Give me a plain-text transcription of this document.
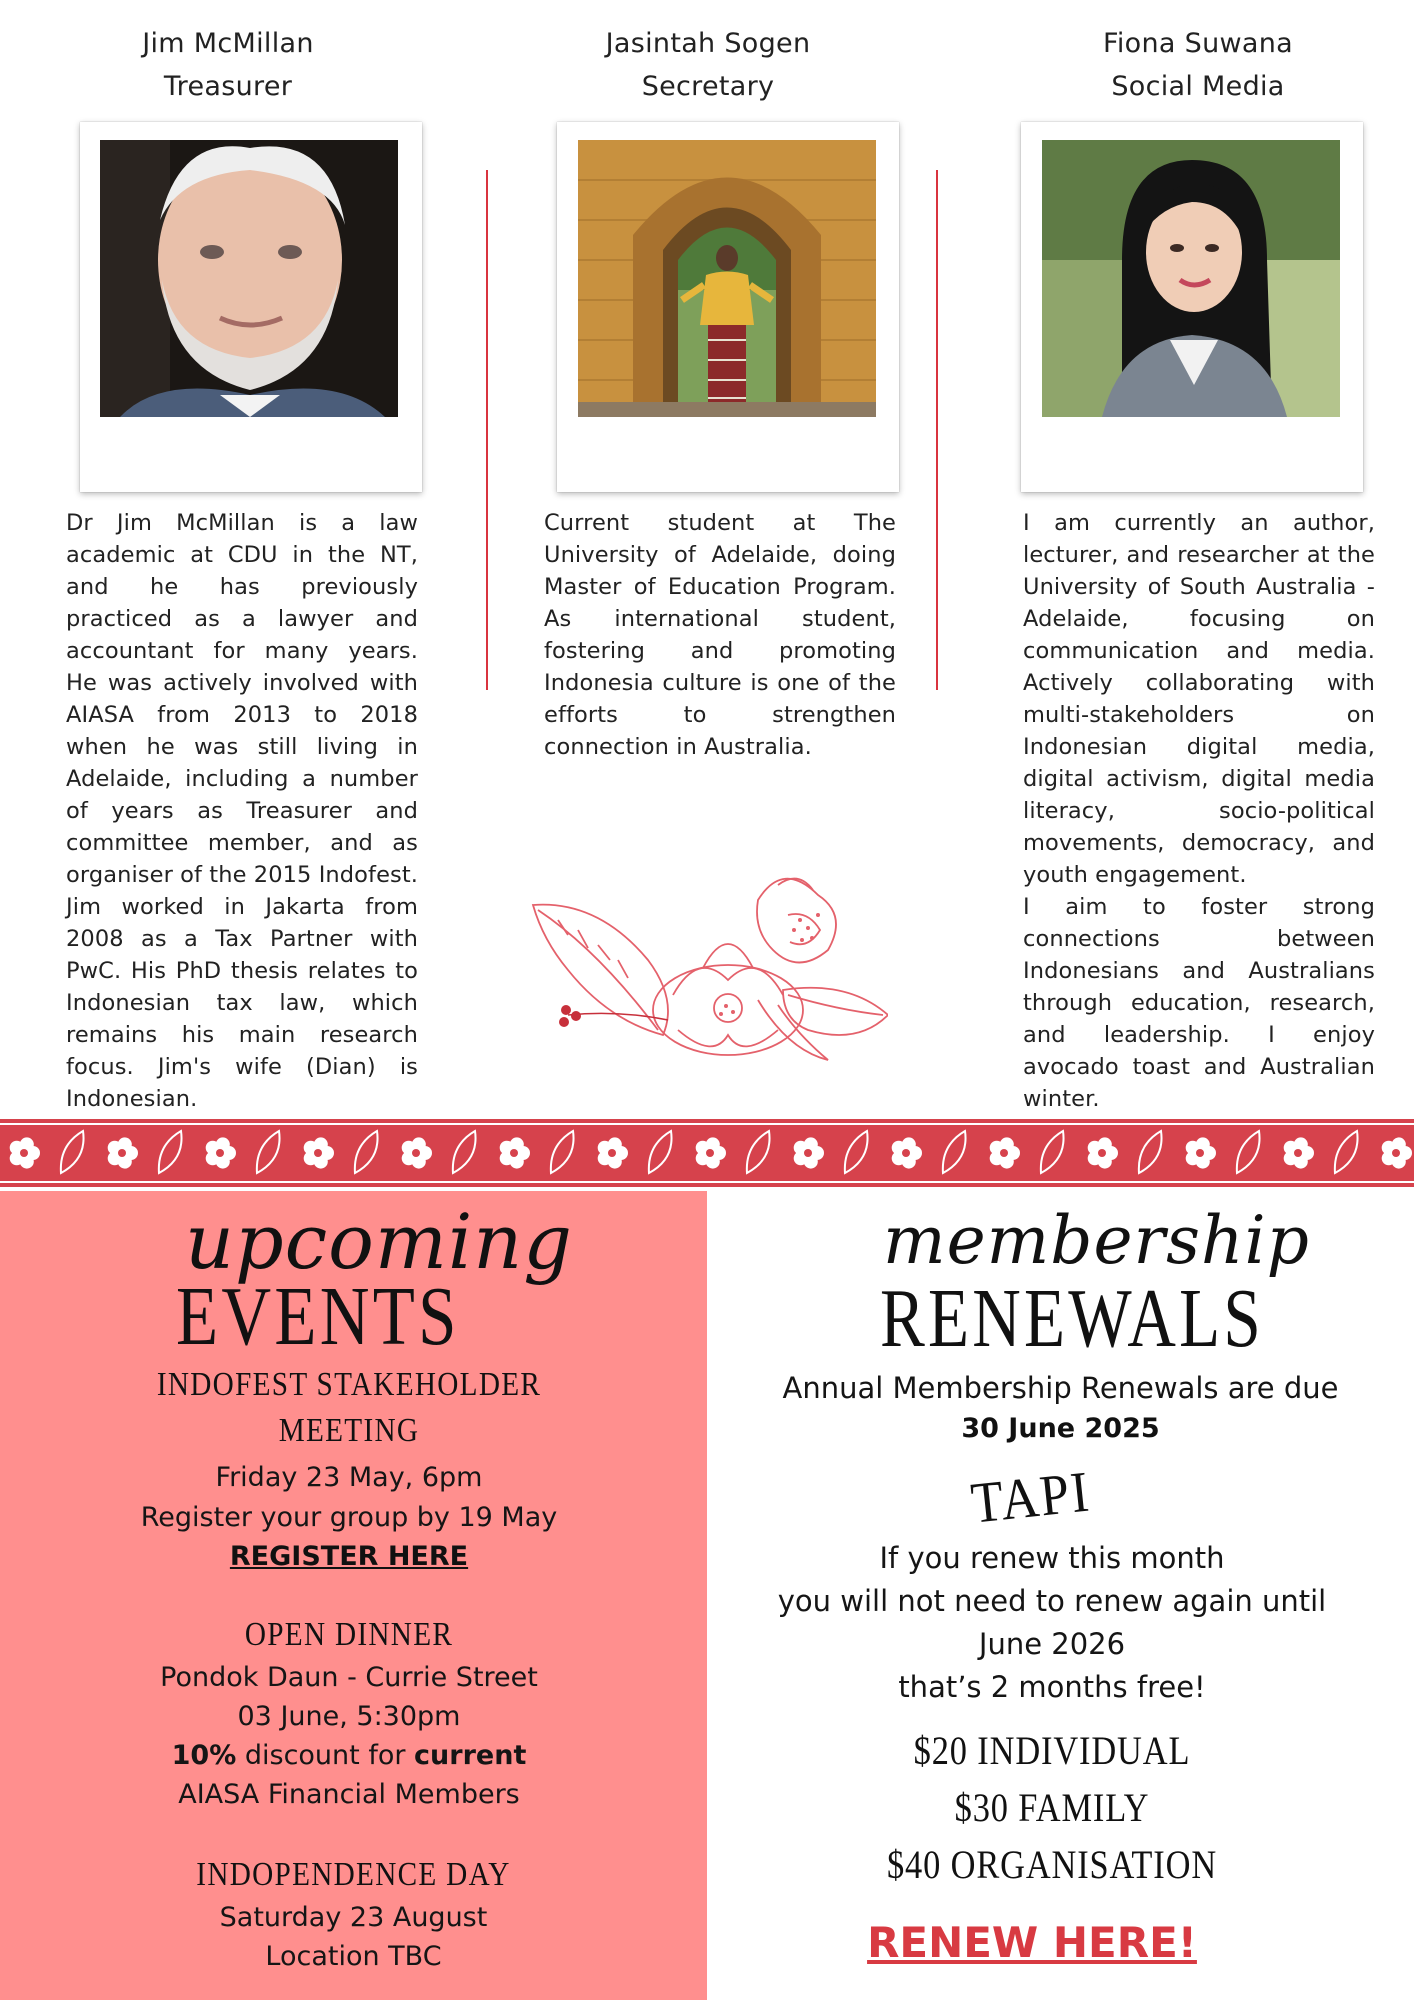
Jim McMillan
Treasurer
Dr Jim McMillan is a law academic at CDU in the NT, and he has previously practiced as a lawyer and accountant for many years. He was actively involved with AIASA from 2013 to 2018 when he was still living in Adelaide, including a number of years as Treasurer and committee member, and as organiser of the 2015 Indofest. Jim worked in Jakarta from 2008 as a Tax Partner with PwC. His PhD thesis relates to Indonesian tax law, which remains his main research focus. Jim's wife (Dian) is Indonesian.
Jasintah Sogen
Secretary
Current student at The University of Adelaide, doing Master of Education Program. As international student, fostering and promoting Indonesia culture is one of the efforts to strengthen connection in Australia.
Fiona Suwana
Social Media
I am currently an author, lecturer, and researcher at the University of South Australia - Adelaide, focusing on communication and media. Actively collaborating with multi-stakeholders on Indonesian digital media, digital activism, digital media literacy, socio-political movements, democracy, and youth engagement.
I aim to foster strong connections between Indonesians and Australians through education, research, and leadership. I enjoy avocado toast and Australian winter.
upcoming
EVENTS
INDOFEST STAKEHOLDER
MEETING
Friday 23 May, 6pm
Register your group by 19 May
REGISTER HERE
OPEN DINNER
Pondok Daun - Currie Street
03 June, 5:30pm
10% discount for current
AIASA Financial Members
INDOPENDENCE DAY
Saturday 23 August
Location TBC
membership
RENEWALS
Annual Membership Renewals are due
30 June 2025
TAPI
If you renew this month
you will not need to renew again until
June 2026
that’s 2 months free!
$20 INDIVIDUAL
$30 FAMILY
$40 ORGANISATION
RENEW HERE!
